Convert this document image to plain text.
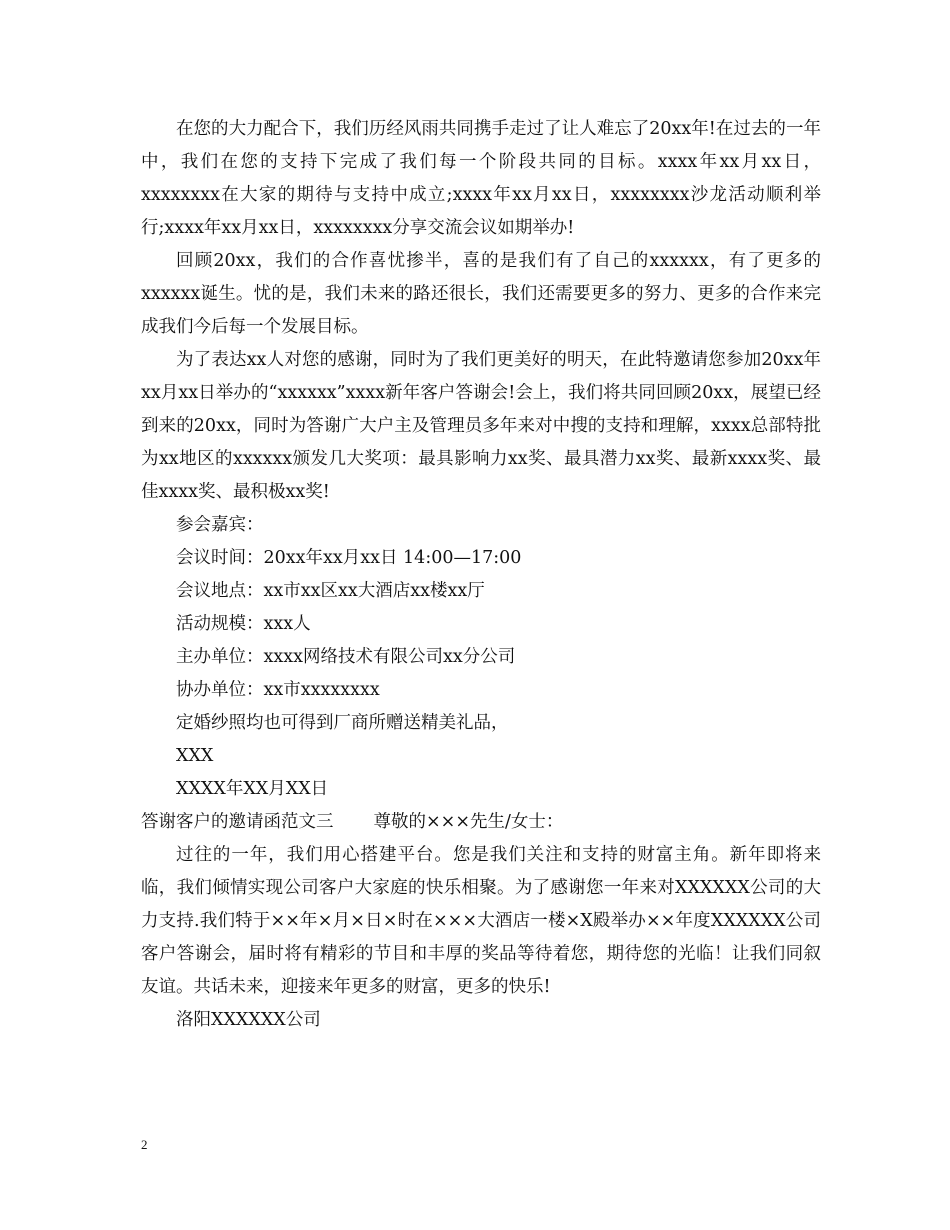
在您的大力配合下，我们历经风雨共同携手走过了让人难忘了20xx年!在过去的一年中，我们在您的支持下完成了我们每一个阶段共同的目标。xxxx年xx月xx日，xxxxxxxx在大家的期待与支持中成立;xxxx年xx月xx日，xxxxxxxx沙龙活动顺利举行;xxxx年xx月xx日，xxxxxxxx分享交流会议如期举办!

回顾20xx，我们的合作喜忧掺半，喜的是我们有了自己的xxxxxx，有了更多的xxxxxx诞生。忧的是，我们未来的路还很长，我们还需要更多的努力、更多的合作来完成我们今后每一个发展目标。

为了表达xx人对您的感谢，同时为了我们更美好的明天，在此特邀请您参加20xx年xx月xx日举办的“xxxxxx”xxxx新年客户答谢会!会上，我们将共同回顾20xx，展望已经到来的20xx，同时为答谢广大户主及管理员多年来对中搜的支持和理解，xxxx总部特批为xx地区的xxxxxx颁发几大奖项：最具影响力xx奖、最具潜力xx奖、最新xxxx奖、最佳xxxx奖、最积极xx奖!

参会嘉宾：

会议时间：20xx年xx月xx日 14:00—17:00

会议地点：xx市xx区xx大酒店xx楼xx厅

活动规模：xxx人

主办单位：xxxx网络技术有限公司xx分公司

协办单位：xx市xxxxxxxx

定婚纱照均也可得到厂商所赠送精美礼品，

XXX

XXXX年XX月XX日

答谢客户的邀请函范文三 尊敬的×××先生/女士：

过往的一年，我们用心搭建平台。您是我们关注和支持的财富主角。新年即将来临，我们倾情实现公司客户大家庭的快乐相聚。为了感谢您一年来对XXXXXX公司的大力支持.我们特于××年×月×日×时在×××大酒店一楼×X殿举办××年度XXXXXX公司客户答谢会，届时将有精彩的节目和丰厚的奖品等待着您，期待您的光临！让我们同叙友谊。共话未来，迎接来年更多的财富，更多的快乐!

洛阳XXXXXX公司

2
